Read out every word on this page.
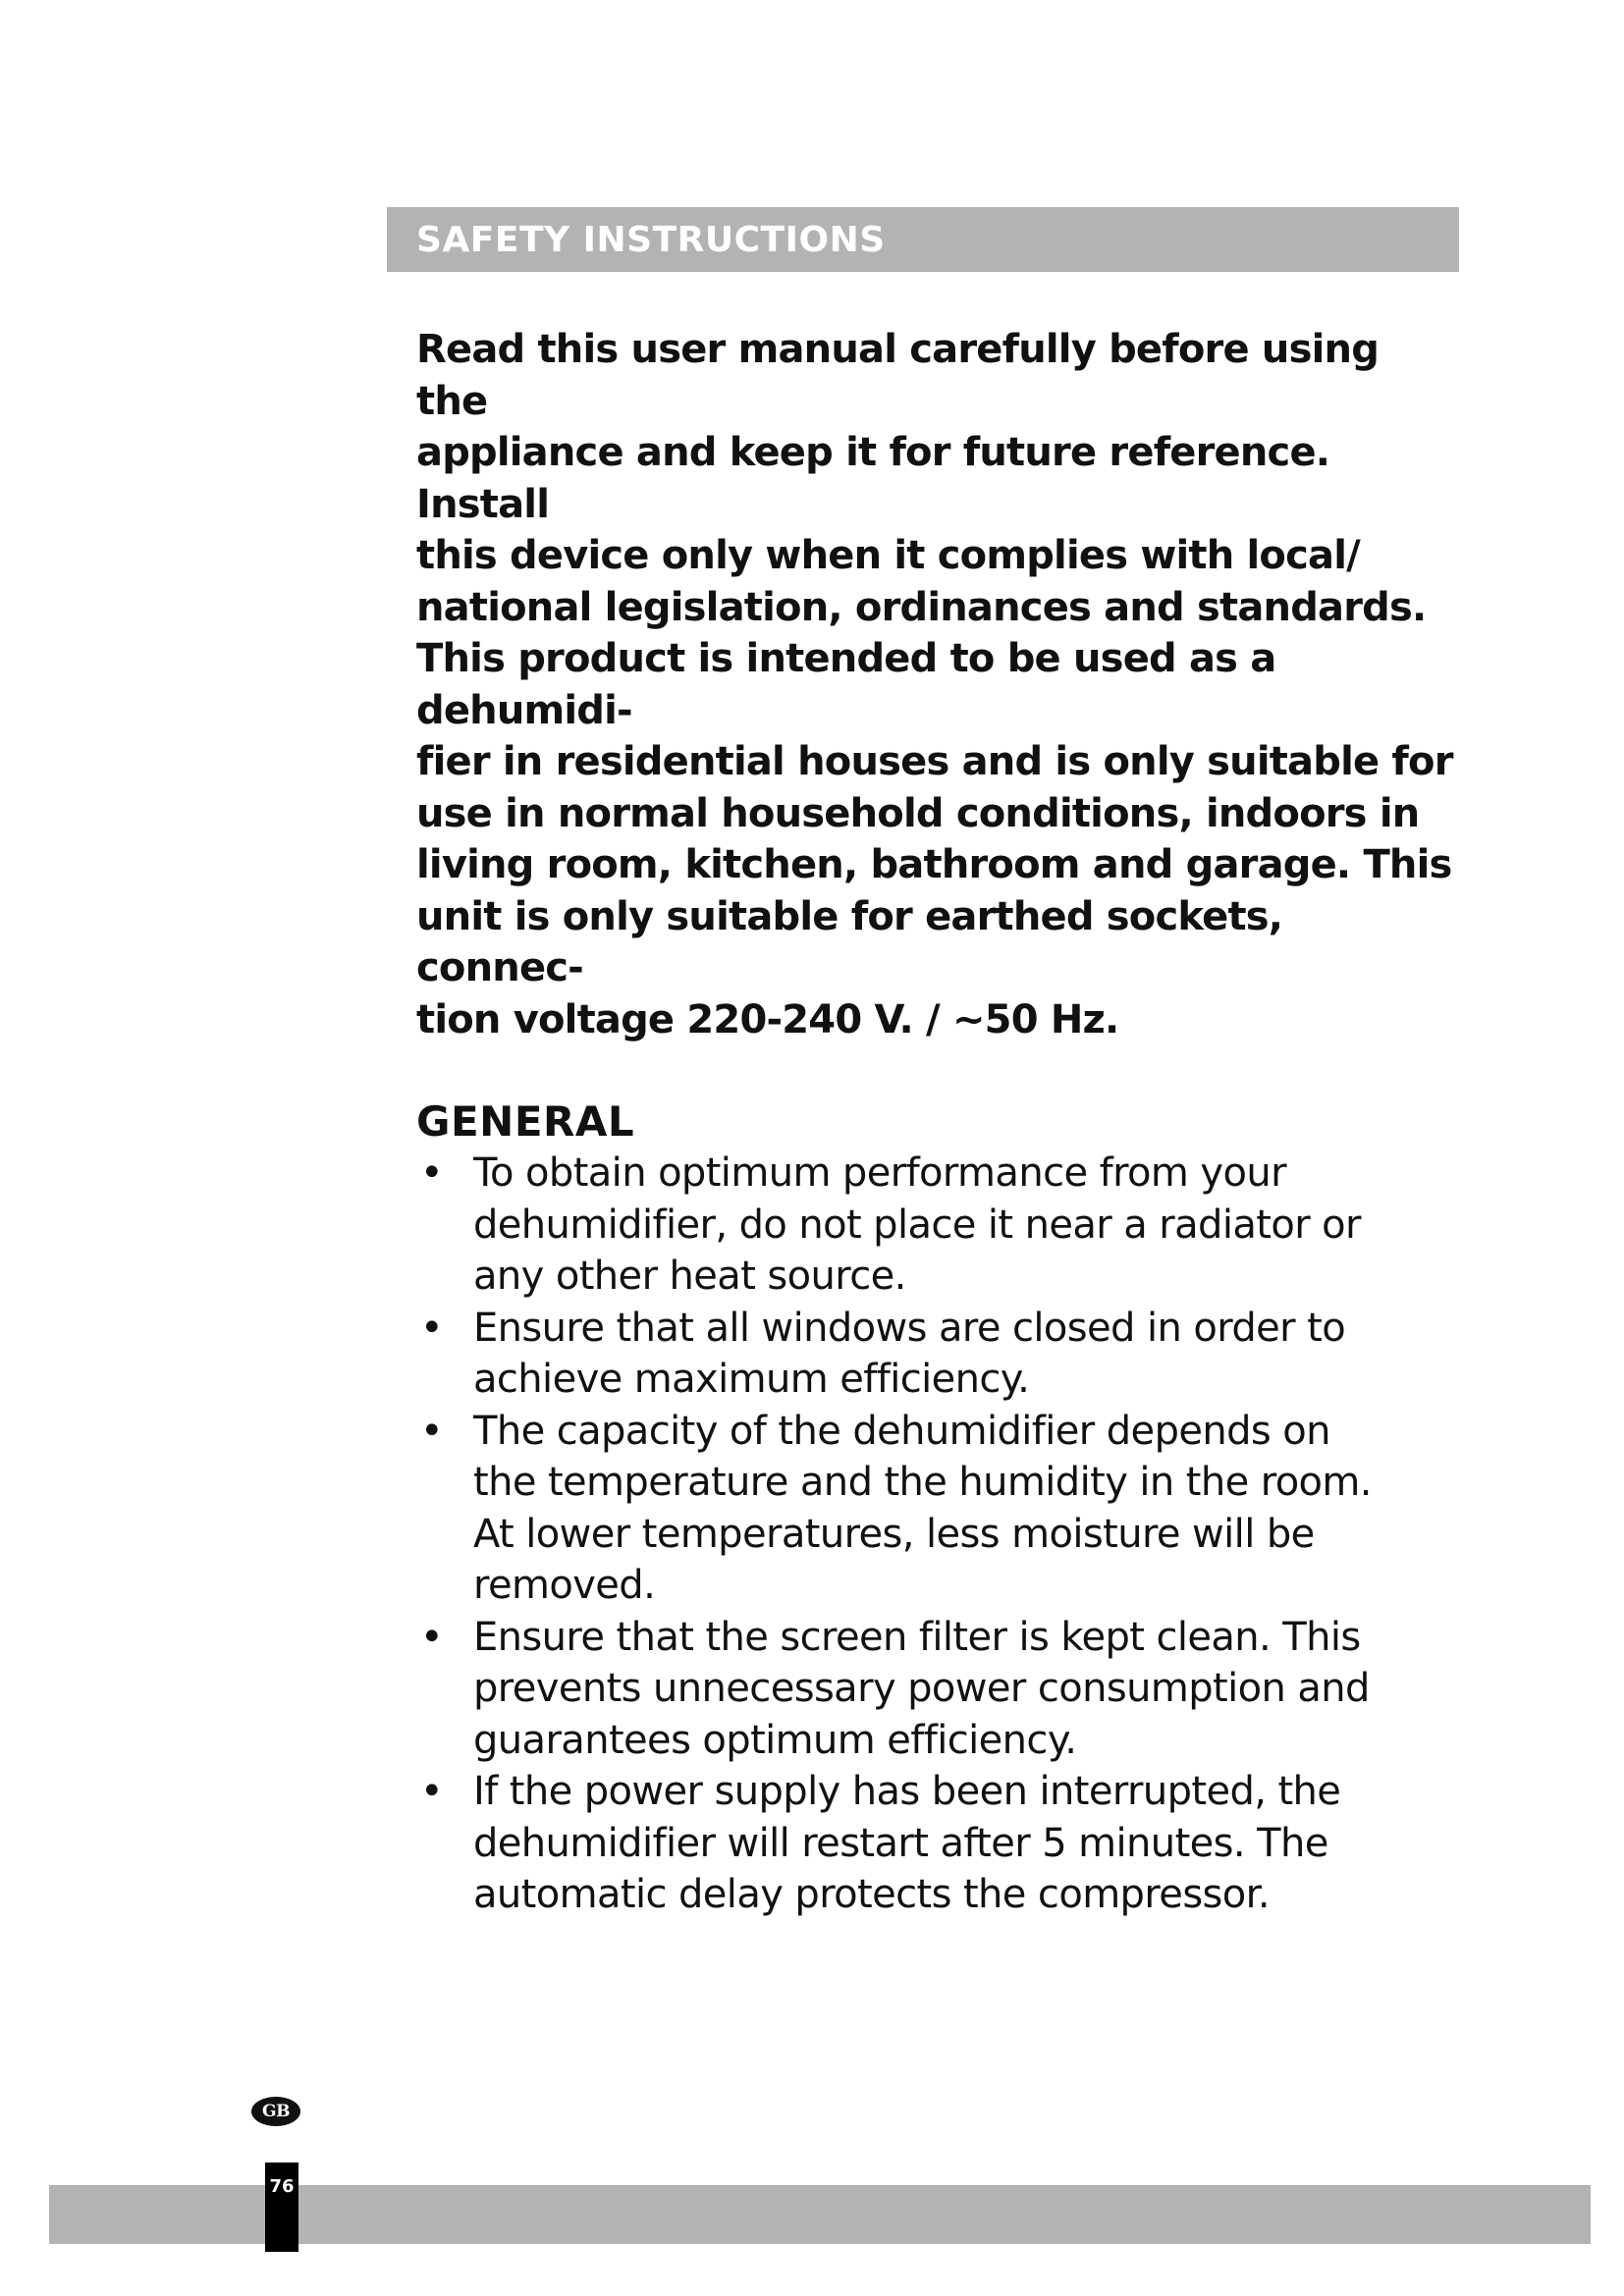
SAFETY INSTRUCTIONS

Read this user manual carefully before using the
appliance and keep it for future reference. Install
this device only when it complies with local/
national legislation, ordinances and standards.
This product is intended to be used as a dehumidi-
fier in residential houses and is only suitable for
use in normal household conditions, indoors in
living room, kitchen, bathroom and garage. This
unit is only suitable for earthed sockets, connec-
tion voltage 220-240 V. / ~50 Hz.

GENERAL
• To obtain optimum performance from your
dehumidifier, do not place it near a radiator or
any other heat source.
• Ensure that all windows are closed in order to
achieve maximum efficiency.
• The capacity of the dehumidifier depends on
the temperature and the humidity in the room.
At lower temperatures, less moisture will be
removed.
• Ensure that the screen filter is kept clean. This
prevents unnecessary power consumption and
guarantees optimum efficiency.
• If the power supply has been interrupted, the
dehumidifier will restart after 5 minutes. The
automatic delay protects the compressor.
GB
76
